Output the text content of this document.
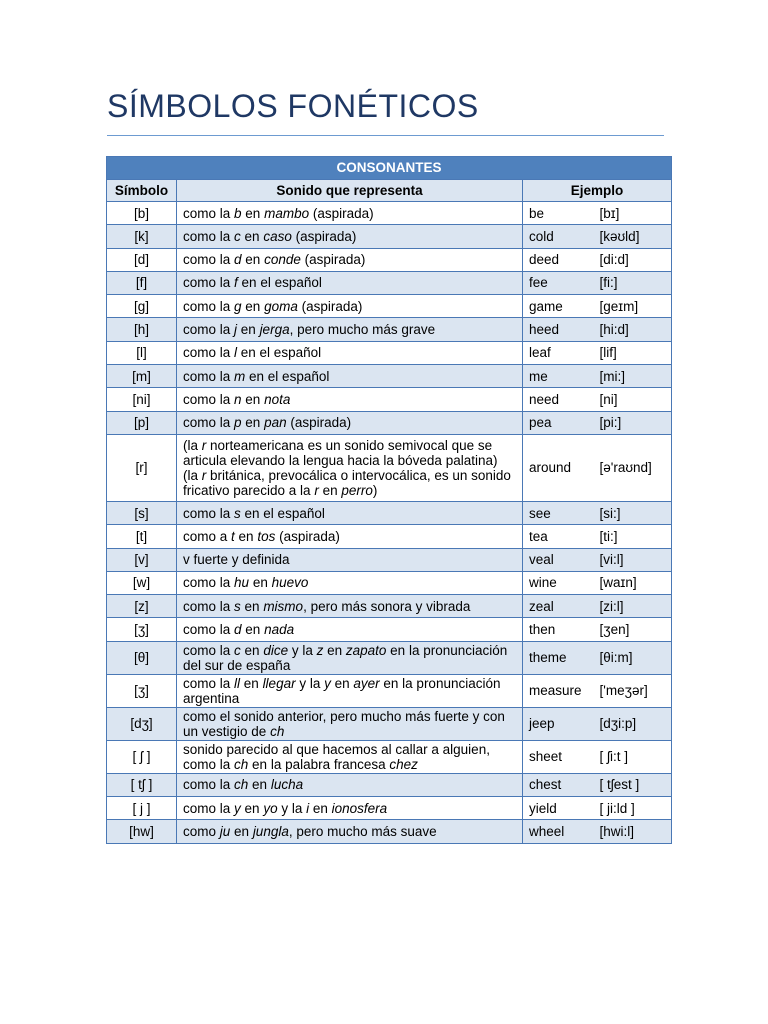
SÍMBOLOS FONÉTICOS
CONSONANTES			
Símbolo	Sonido que representa	Ejemplo	
[b]	como la b en mambo (aspirada)	be	[bɪ]
[k]	como la c en caso (aspirada)	cold	[kəʊld]
[d]	como la d en conde (aspirada)	deed	[di:d]
[f]	como la f en el español	fee	[fi:]
[g]	como la g en goma (aspirada)	game	[geɪm]
[h]	como la j en jerga, pero mucho más grave	heed	[hi:d]
[l]	como la l en el español	leaf	[lif]
[m]	como la m en el español	me	[mi:]
[ni]	como la n en nota	need	[ni]
[p]	como la p en pan (aspirada)	pea	[pi:]
[r]	(la r norteamericana es un sonido semivocal que se articula elevando la lengua hacia la bóveda palatina) (la r británica, prevocálica o intervocálica, es un sonido fricativo parecido a la r en perro)	around	[ə'raʊnd]
[s]	como la s en el español	see	[si:]
[t]	como a t en tos (aspirada)	tea	[ti:]
[v]	v fuerte y definida	veal	[vi:l]
[w]	como la hu en huevo	wine	[waɪn]
[z]	como la s en mismo, pero más sonora y vibrada	zeal	[zi:l]
[ʒ]	como la d en nada	then	[ʒen]
[θ]	como la c en dice y la z en zapato en la pronunciación del sur de españa	theme	[θi:m]
[ʒ]	como la ll en llegar y la y en ayer en la pronunciación argentina	measure	['meʒər]
[dʒ]	como el sonido anterior, pero mucho más fuerte y con un vestigio de ch	jeep	[dʒi:p]
[ ʃ ]	sonido parecido al que hacemos al callar a alguien, como la ch en la palabra francesa chez	sheet	[ ʃi:t ]
[ tʃ ]	como la ch en lucha	chest	[ tʃest ]
[ j ]	como la y en yo y la i en ionosfera	yield	[ ji:ld ]
[hw]	como ju en jungla, pero mucho más suave	wheel	[hwi:l]
